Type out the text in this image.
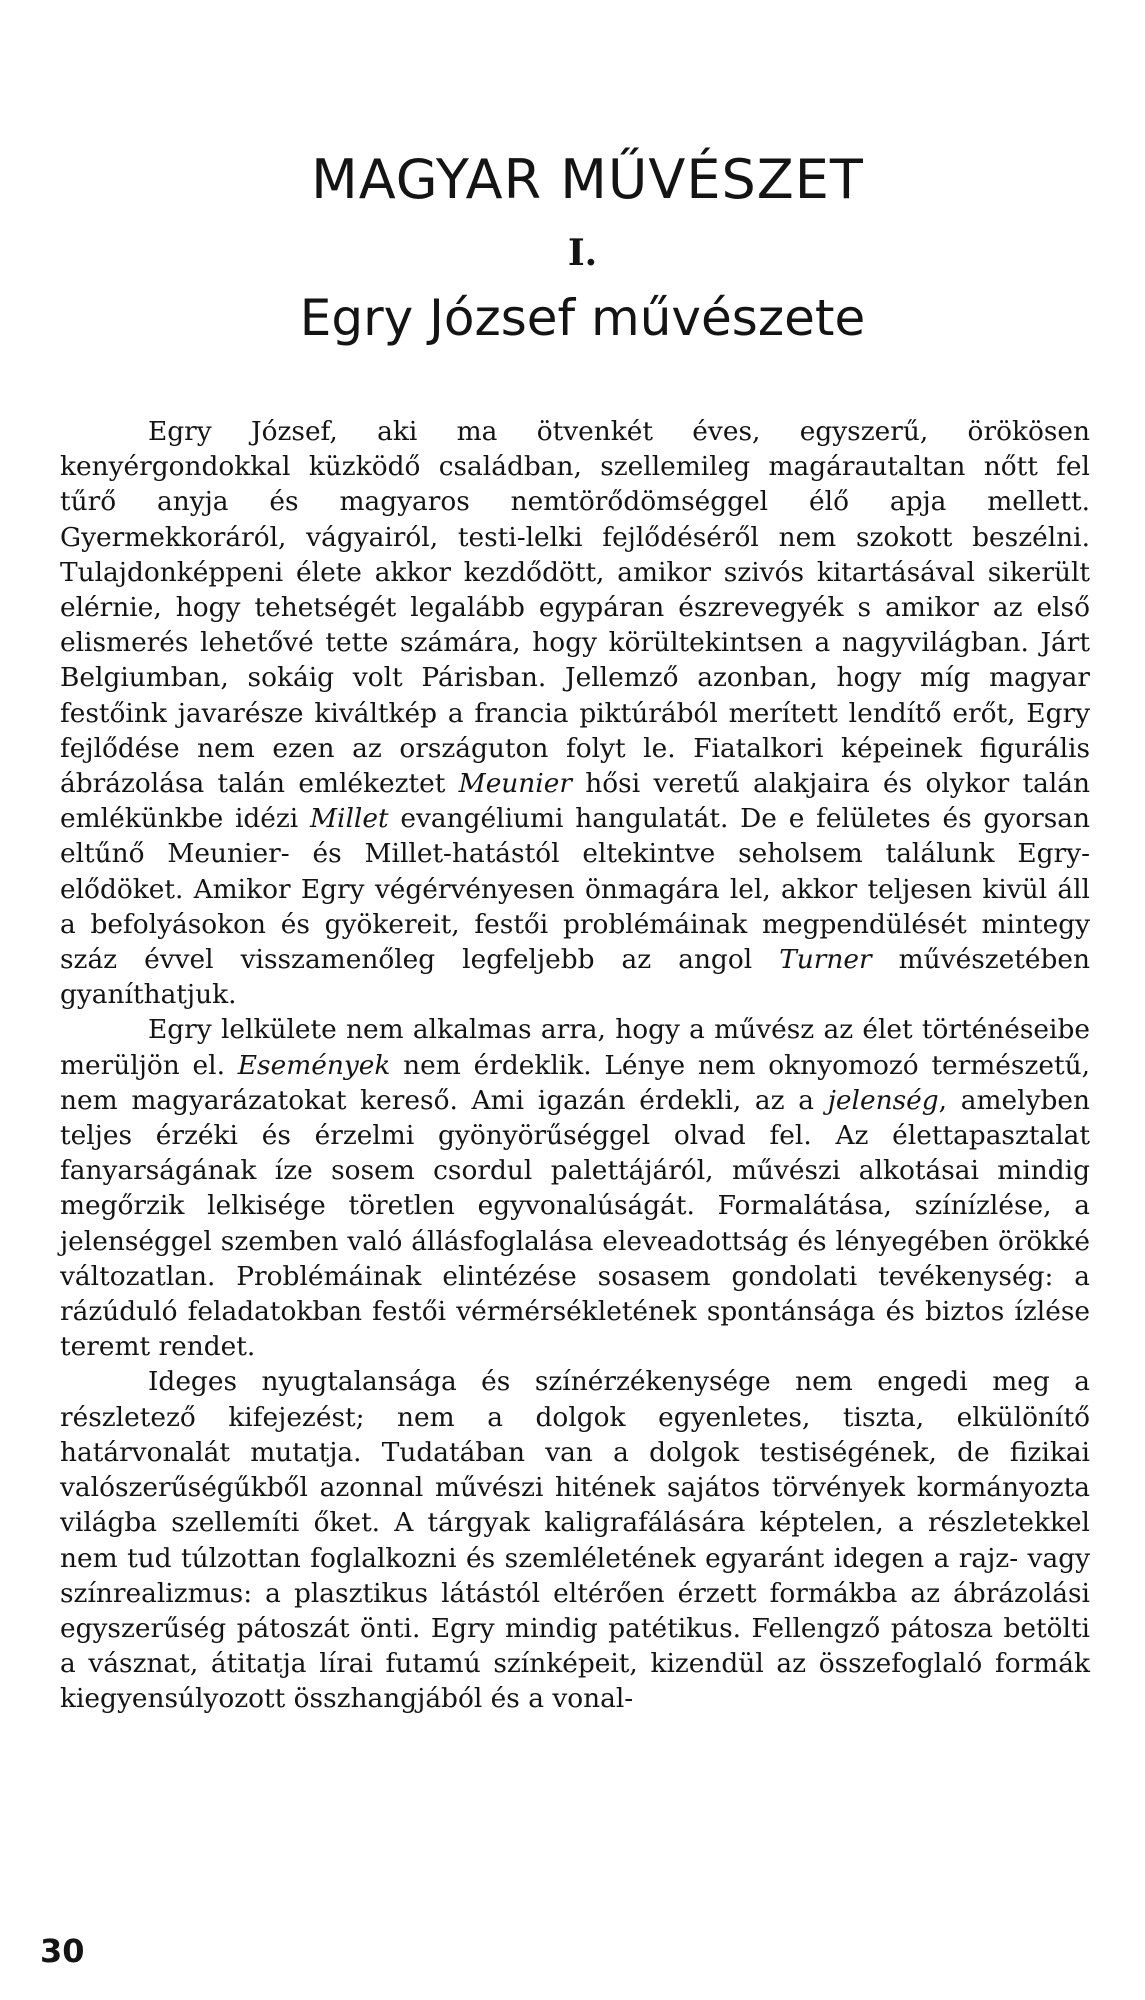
MAGYAR MŰVÉSZET
I.
Egry József művészete

Egry József, aki ma ötvenkét éves, egyszerű, örökösen kenyérgondokkal küzködő családban, szellemileg magárautaltan nőtt fel tűrő anyja és magyaros nemtörődömséggel élő apja mellett. Gyermekkoráról, vágyairól, testi-lelki fejlődéséről nem szokott beszélni. Tulajdonképpeni élete akkor kezdődött, amikor szivós kitartásával sikerült elérnie, hogy tehetségét legalább egypáran észrevegyék s amikor az első elismerés lehetővé tette számára, hogy körültekintsen a nagyvilágban. Járt Belgiumban, sokáig volt Párisban. Jellemző azonban, hogy míg magyar festőink javarésze kiváltkép a francia piktúrából merített lendítő erőt, Egry fejlődése nem ezen az országuton folyt le. Fiatalkori képeinek figurális ábrázolása talán emlékeztet Meunier hősi veretű alakjaira és olykor talán emlékünkbe idézi Millet evangéliumi hangulatát. De e felületes és gyorsan eltűnő Meunier- és Millet-hatástól eltekintve seholsem találunk Egry-elődöket. Amikor Egry végérvényesen önmagára lel, akkor teljesen kivül áll a befolyásokon és gyökereit, festői problémáinak megpendülését mintegy száz évvel visszamenőleg legfeljebb az angol Turner művészetében gyaníthatjuk.

Egry lelkülete nem alkalmas arra, hogy a művész az élet történéseibe merüljön el. Események nem érdeklik. Lénye nem oknyomozó természetű, nem magyarázatokat kereső. Ami igazán érdekli, az a jelenség, amelyben teljes érzéki és érzelmi gyönyörűséggel olvad fel. Az élettapasztalat fanyarságának íze sosem csordul palettájáról, művészi alkotásai mindig megőrzik lelkisége töretlen egyvonalúságát. Formalátása, színízlése, a jelenséggel szemben való állásfoglalása eleveadottság és lényegében örökké változatlan. Problémáinak elintézése sosasem gondolati tevékenység: a rázúduló feladatokban festői vérmérsékletének spontánsága és biztos ízlése teremt rendet.

Ideges nyugtalansága és színérzékenysége nem engedi meg a részletező kifejezést; nem a dolgok egyenletes, tiszta, elkülönítő határvonalát mutatja. Tudatában van a dolgok testiségének, de fizikai valószerűségűkből azonnal művészi hitének sajátos törvények kormányozta világba szellemíti őket. A tárgyak kaligrafálására képtelen, a részletekkel nem tud túlzottan foglalkozni és szemléletének egyaránt idegen a rajz- vagy színrealizmus: a plasztikus látástól eltérően érzett formákba az ábrázolási egyszerűség pátoszát önti. Egry mindig patétikus. Fellengző pátosza betölti a vásznat, átitatja lírai futamú színképeit, kizendül az összefoglaló formák kiegyensúlyozott összhangjából és a vonal-

30
